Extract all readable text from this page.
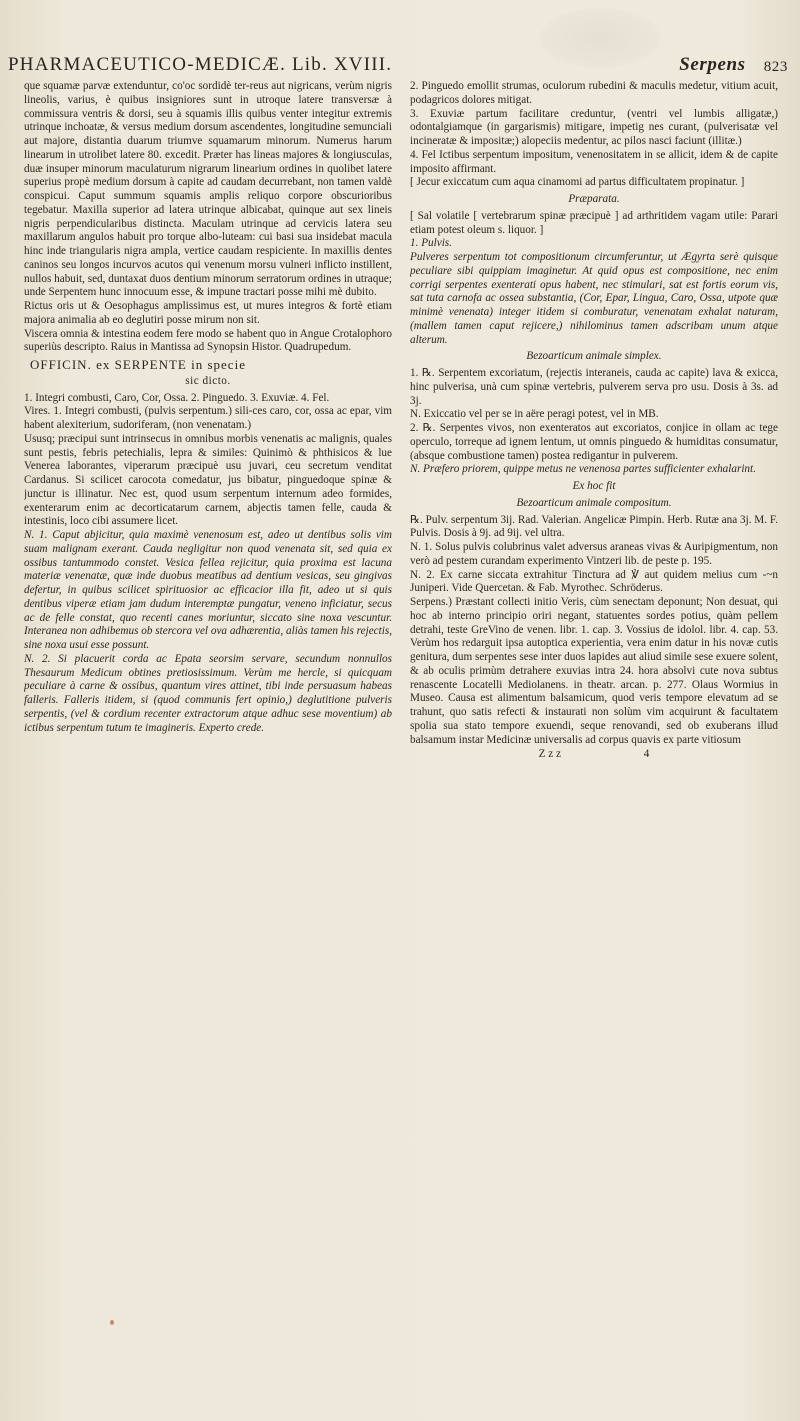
PHARMACEUTICO-MEDICÆ. Lib. XVIII.	Serpens 823

que squamæ parvæ extenduntur, co'oc sordidè ter-reus aut nigricans, verùm nigris lineolis, varius, è quibus insigniores sunt in utroque latere transversæ à commissura ventris & dorsi, seu à squamis illis quibus venter integitur extremis utrinque inchoatæ, & versus medium dorsum ascendentes, longitudine semunciali aut majore, distantia duarum triumve squamarum minorum. Numerus harum linearum in utrolibet latere 80. excedit. Præter has lineas majores & longiusculas, duæ insuper minorum maculaturum nigrarum linearium ordines in quolibet latere superius propè medium dorsum à capite ad caudam decurrebant, non tamen valdè conspicui. Caput summum squamis amplis reliquo corpore obscurioribus tegebatur. Maxilla superior ad latera utrinque albicabat, quinque aut sex lineis nigris perpendicularibus distincta. Maculam utrinque ad cervicis latera seu maxillarum angulos habuit pro torque albo-luteam: cui basi sua insidebat macula hinc inde triangularis nigra ampla, vertice caudam respiciente. In maxillis dentes caninos seu longos incurvos acutos qui venenum morsu vulneri inflicto instillent, nullos habuit, sed, duntaxat duos dentium minorum serratorum ordines in utraque; unde Serpentem hunc innocuum esse, & impune tractari posse mihi mè dubito.

Rictus oris ut & Oesophagus amplissimus est, ut mures integros & fortè etiam majora animalia ab eo deglutiri posse mirum non sit.

Viscera omnia & intestina eodem fere modo se habent quo in Angue Crotalophoro superiùs descripto. Raius in Mantissa ad Synopsin Histor. Quadrupedum.

OFFICIN. ex SERPENTE in specie
sic dicto.

1. Integri combusti, Caro, Cor, Ossa. 2. Pinguedo. 3. Exuviæ. 4. Fel.

Vires. 1. Integri combusti, (pulvis serpentum.) sili-ces caro, cor, ossa ac epar, vim habent alexiterium, sudoriferam, (non venenatam.)

Ususq; præcipui sunt intrinsecus in omnibus morbis venenatis ac malignis, quales sunt pestis, febris petechialis, lepra & similes: Quinimò & phthisicos & lue Venerea laborantes, viperarum præcipuè usu juvari, ceu secretum venditat Cardanus. Si scilicet carocota comedatur, jus bibatur, pinguedoque spinæ & junctur is illinatur. Nec est, quod usum serpentum internum adeo formides, exenterarum enim ac decorticatarum carnem, abjectis tamen felle, cauda & intestinis, loco cibi assumere licet.

N. 1. Caput abjicitur, quia maximè venenosum est, adeo ut dentibus solis vim suam malignam exerant. Cauda negligitur non quod venenata sit, sed quia ex ossibus tantummodo constet. Vesica fellea rejicitur, quia proxima est lacuna materiæ venenatæ, quæ inde duobus meatibus ad dentium vesicas, seu gingivas defertur, in quibus scilicet spirituosior ac efficacior illa fit, adeo ut si quis dentibus viperæ etiam jam dudum interemptæ pungatur, veneno inficiatur, secus ac de felle constat, quo recenti canes moriuntur, siccato sine noxa vescuntur. Interanea non adhibemus ob stercora vel ova adhærentia, aliàs tamen his rejectis, sine noxa usui esse possunt.

N. 2. Si placuerit corda ac Epata seorsim servare, secundum nonnullos Thesaurum Medicum obtines pretiosissimum. Verùm me hercle, si quicquam peculiare à carne & ossibus, quantum vires attinet, tibi inde persuasum habeas falleris. Falleris itidem, si (quod communis fert opinio,) deglutitione pulveris serpentis, (vel & cordium recenter extractorum atque adhuc sese moventium) ab ictibus serpentum tutum te imagineris. Experto crede.

2. Pinguedo emollit strumas, oculorum rubedini & maculis medetur, vitium acuit, podagricos dolores mitigat.

3. Exuviæ partum facilitare creduntur, (ventri vel lumbis alligatæ,) odontalgiamque (in gargarismis) mitigare, impetig nes curant, (pulverisatæ vel incineratæ & impositæ;) alopeciis medentur, ac pilos nasci faciunt (illitæ.)

4. Fel Ictibus serpentum impositum, venenositatem in se allicit, idem & de capite imposito affirmant.

[ Jecur exiccatum cum aqua cinamomi ad partus difficultatem propinatur. ]

Præparata.

[ Sal volatile [ vertebrarum spinæ præcipuè ] ad arthritidem vagam utile: Parari etiam potest oleum s. liquor. ]

1. Pulvis.

Pulveres serpentum tot compositionum circumferuntur, ut Ægyrta serè quisque peculiare sibi quippiam imaginetur. At quid opus est compositione, nec enim corrigi serpentes exenterati opus habent, nec stimulari, sat est fortis eorum vis, sat tuta carnofa ac ossea substantia, (Cor, Epar, Lingua, Caro, Ossa, utpote quæ minimè venenata) integer itidem si comburatur, venenatam exhalat naturam, (mallem tamen caput rejicere,) nihilominus tamen adscribam unum atque alterum.

Bezoarticum animale simplex.

1. ℞. Serpentem excoriatum, (rejectis interaneis, cauda ac capite) lava & exicca, hinc pulverisa, unà cum spinæ vertebris, pulverem serva pro usu. Dosis à 3s. ad 3j.

N. Exiccatio vel per se in aëre peragi potest, vel in MB.

2. ℞. Serpentes vivos, non exenteratos aut excoriatos, conjice in ollam ac tege operculo, torreque ad ignem lentum, ut omnis pinguedo & humiditas consumatur, (absque combustione tamen) postea redigantur in pulverem.

N. Præfero priorem, quippe metus ne venenosa partes sufficienter exhalarint.

Ex hoc fit
Bezoarticum animale compositum.

℞. Pulv. serpentum 3ij. Rad. Valerian. Angelicæ Pimpin. Herb. Rutæ ana 3j. M. F. Pulvis. Dosis à 9j. ad 9ij. vel ultra.

N. 1. Solus pulvis colubrinus valet adversus araneas vivas & Auripigmentum, non verò ad pestem curandam experimento Vintzeri lib. de peste p. 195.

N. 2. Ex carne siccata extrahitur Tinctura ad ℣ aut quidem melius cum -~n Juniperi. Vide Quercetan. & Fab. Myrothec. Schröderus.

Serpens.) Præstant collecti initio Veris, cùm senectam deponunt; Non desuat, qui hoc ab interno principio oriri negant, statuentes sordes potius, quàm pellem detrahi, teste GreVino de venen. libr. 1. cap. 3. Vossius de idolol. libr. 4. cap. 53. Verùm hos redarguit ipsa autoptica experientia, vera enim datur in his novæ cutis genitura, dum serpentes sese inter duos lapides aut aliud simile sese exuere solent, & ab oculis primùm detrahere exuvias intra 24. hora absolvi cute nova subtus renascente Locatelli Mediolanens. in theatr. arcan. p. 277. Olaus Wormius in Museo. Causa est alimentum balsamicum, quod veris tempore elevatum ad se trahunt, quo satis refecti & instaurati non solùm vim acquirunt & facultatem spolia sua stato tempore exuendi, seque renovandi, sed ob exuberans illud balsamum instar Medicinæ universalis ad corpus quavis ex parte vitiosum

Z z z	4
